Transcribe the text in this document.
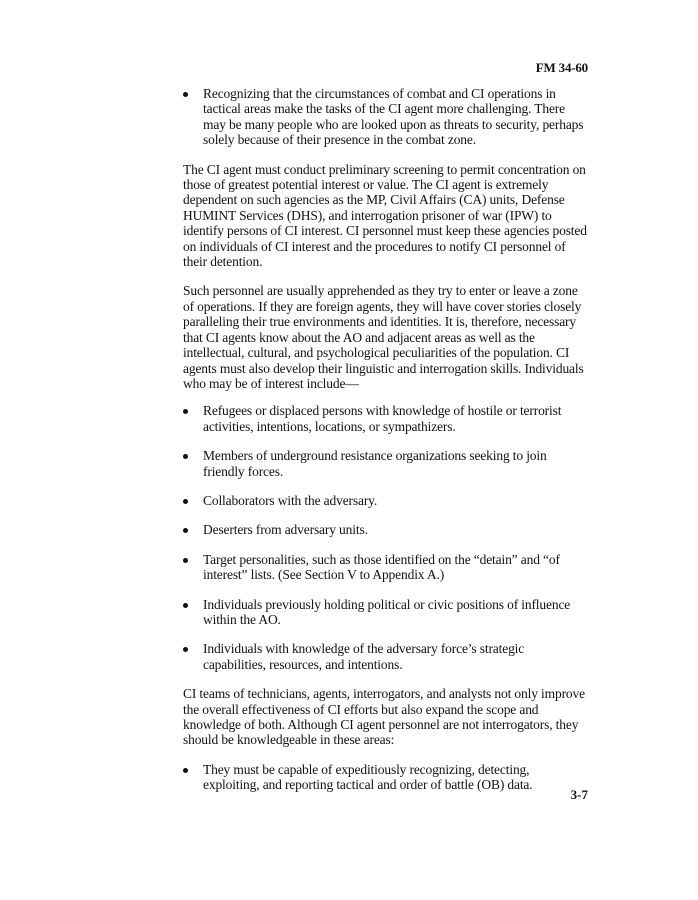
FM 34-60
Recognizing that the circumstances of combat and CI operations in tactical areas make the tasks of the CI agent more challenging. There may be many people who are looked upon as threats to security, perhaps solely because of their presence in the combat zone.

The CI agent must conduct preliminary screening to permit concentration on those of greatest potential interest or value. The CI agent is extremely dependent on such agencies as the MP, Civil Affairs (CA) units, Defense HUMINT Services (DHS), and interrogation prisoner of war (IPW) to identify persons of CI interest. CI personnel must keep these agencies posted on individuals of CI interest and the procedures to notify CI personnel of their detention.

Such personnel are usually apprehended as they try to enter or leave a zone of operations. If they are foreign agents, they will have cover stories closely paralleling their true environments and identities. It is, therefore, necessary that CI agents know about the AO and adjacent areas as well as the intellectual, cultural, and psychological peculiarities of the population. CI agents must also develop their linguistic and interrogation skills. Individuals who may be of interest include—

Refugees or displaced persons with knowledge of hostile or terrorist activities, intentions, locations, or sympathizers.
Members of underground resistance organizations seeking to join friendly forces.
Collaborators with the adversary.
Deserters from adversary units.
Target personalities, such as those identified on the “detain” and “of interest” lists. (See Section V to Appendix A.)
Individuals previously holding political or civic positions of influence within the AO.
Individuals with knowledge of the adversary force’s strategic capabilities, resources, and intentions.

CI teams of technicians, agents, interrogators, and analysts not only improve the overall effectiveness of CI efforts but also expand the scope and knowledge of both. Although CI agent personnel are not interrogators, they should be knowledgeable in these areas:

They must be capable of expeditiously recognizing, detecting, exploiting, and reporting tactical and order of battle (OB) data.
3-7
